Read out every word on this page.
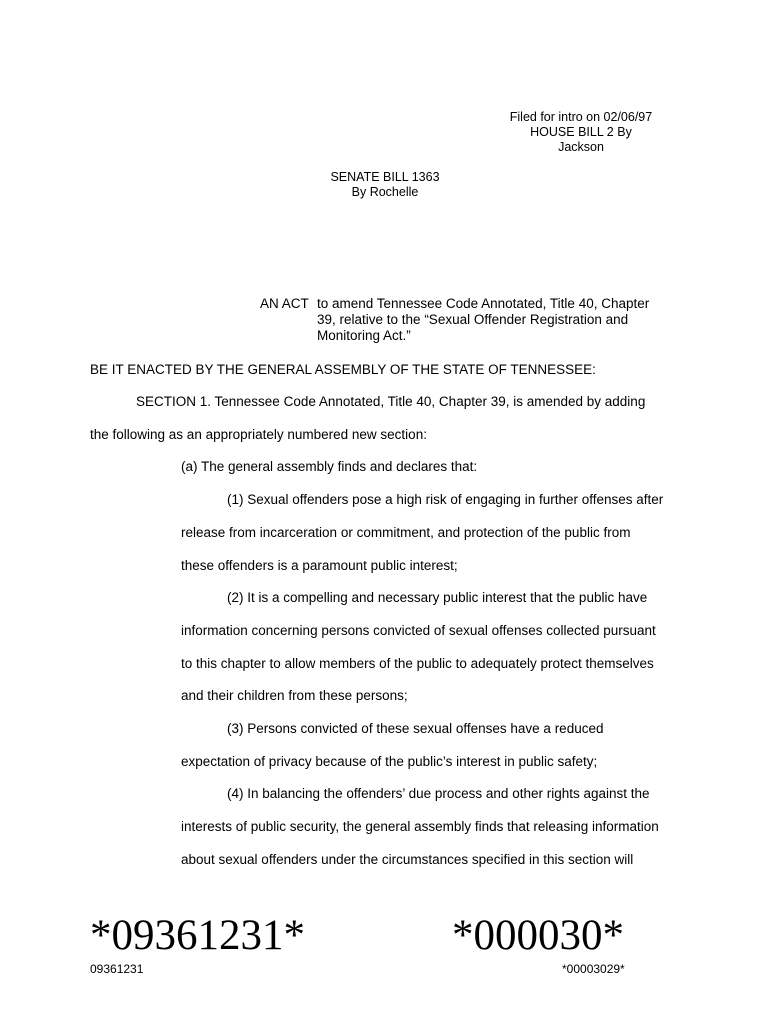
Filed for intro on 02/06/97
HOUSE BILL 2 By
Jackson
SENATE BILL 1363
By Rochelle
AN ACT to amend Tennessee Code Annotated, Title 40, Chapter
39, relative to the “Sexual Offender Registration and
Monitoring Act.”
BE IT ENACTED BY THE GENERAL ASSEMBLY OF THE STATE OF TENNESSEE:
SECTION 1. Tennessee Code Annotated, Title 40, Chapter 39, is amended by adding
the following as an appropriately numbered new section:
(a) The general assembly finds and declares that:
(1) Sexual offenders pose a high risk of engaging in further offenses after
release from incarceration or commitment, and protection of the public from
these offenders is a paramount public interest;
(2) It is a compelling and necessary public interest that the public have
information concerning persons convicted of sexual offenses collected pursuant
to this chapter to allow members of the public to adequately protect themselves
and their children from these persons;
(3) Persons convicted of these sexual offenses have a reduced
expectation of privacy because of the public’s interest in public safety;
(4) In balancing the offenders’ due process and other rights against the
interests of public security, the general assembly finds that releasing information
about sexual offenders under the circumstances specified in this section will
*09361231*
09361231
*000030*
*00003029*
